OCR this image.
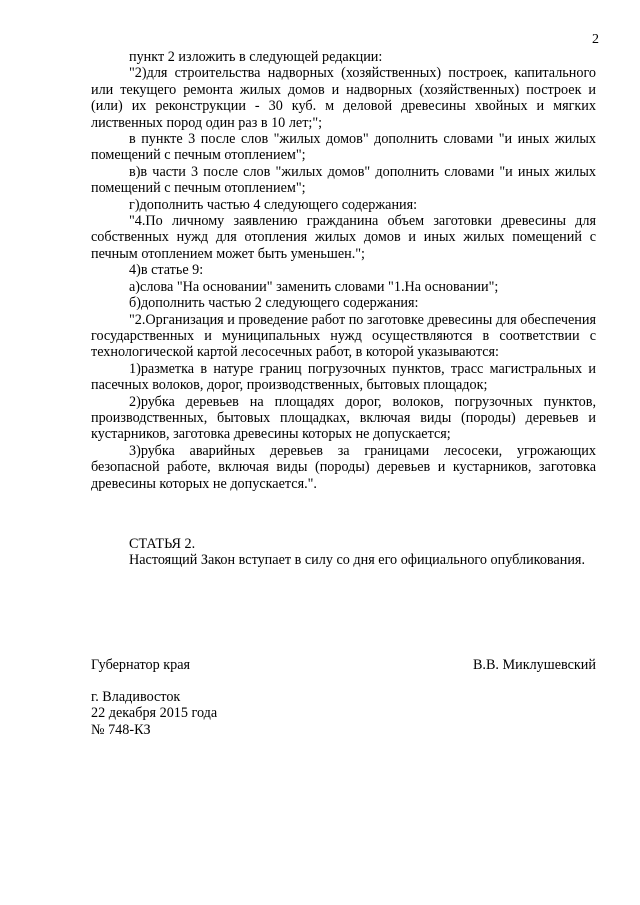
2

пункт 2 изложить в следующей редакции:

"2)для строительства надворных (хозяйственных) построек, капитального или текущего ремонта жилых домов и надворных (хозяйственных) построек и (или) их реконструкции - 30 куб. м деловой древесины хвойных и мягких лиственных пород один раз в 10 лет;";

в пункте 3 после слов "жилых домов" дополнить словами "и иных жилых помещений с печным отоплением";

в)в части 3 после слов "жилых домов" дополнить словами "и иных жилых помещений с печным отоплением";

г)дополнить частью 4 следующего содержания:

"4.По личному заявлению гражданина объем заготовки древесины для собственных нужд для отопления жилых домов и иных жилых помещений с печным отоплением может быть уменьшен.";

4)в статье 9:

а)слова "На основании" заменить словами "1.На основании";

б)дополнить частью 2 следующего содержания:

"2.Организация и проведение работ по заготовке древесины для обеспечения государственных и муниципальных нужд осуществляются в соответствии с технологической картой лесосечных работ, в которой указываются:

1)разметка в натуре границ погрузочных пунктов, трасс магистральных и пасечных волоков, дорог, производственных, бытовых площадок;

2)рубка деревьев на площадях дорог, волоков, погрузочных пунктов, производственных, бытовых площадках, включая виды (породы) деревьев и кустарников, заготовка древесины которых не допускается;

3)рубка аварийных деревьев за границами лесосеки, угрожающих безопасной работе, включая виды (породы) деревьев и кустарников, заготовка древесины которых не допускается.".

СТАТЬЯ 2.

Настоящий Закон вступает в силу со дня его официального опубликования.

Губернатор края	В.В. Миклушевский
г. Владивосток
22 декабря 2015 года
№ 748-КЗ
